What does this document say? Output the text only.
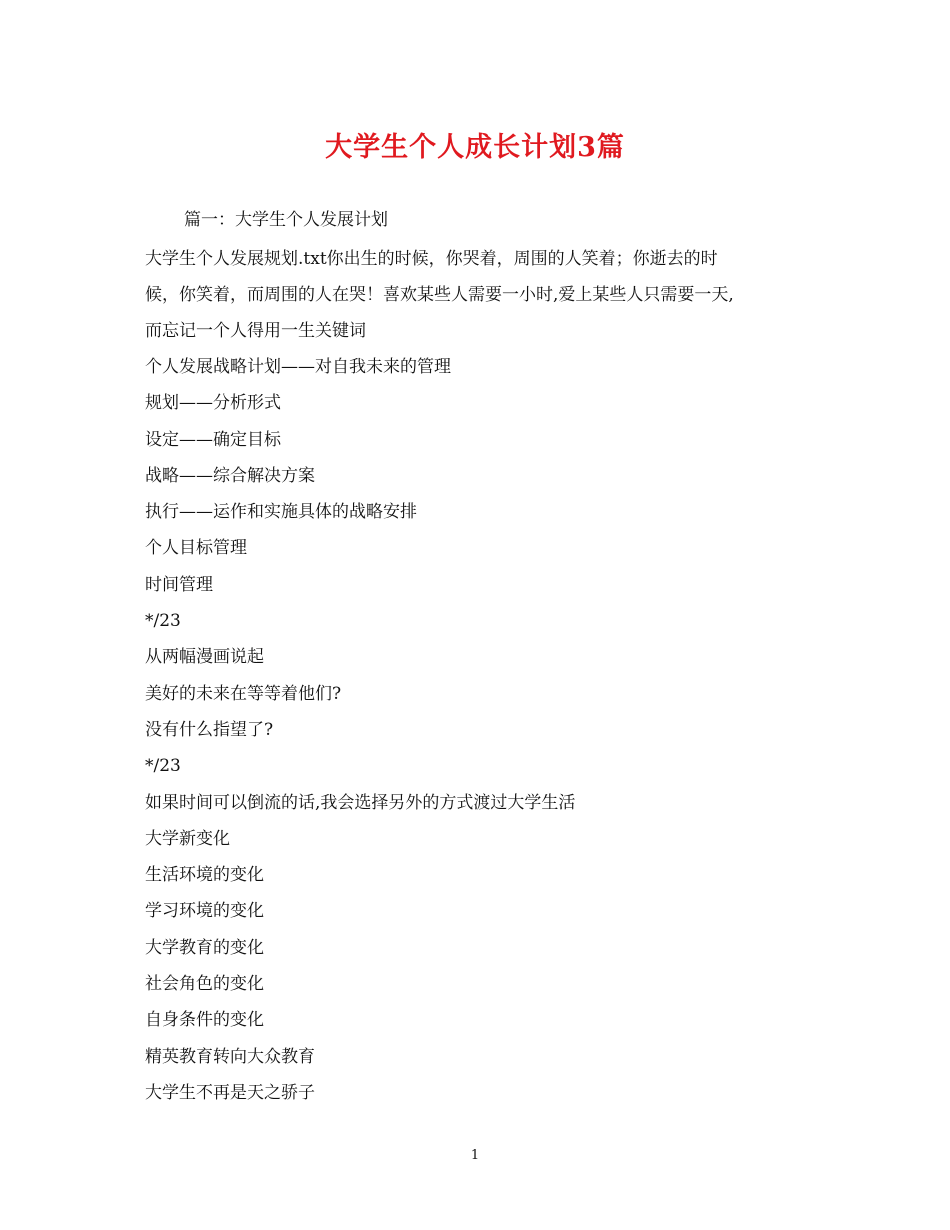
大学生个人成长计划3篇
篇一：大学生个人发展计划
大学生个人发展规划.txt你出生的时候，你哭着，周围的人笑着；你逝去的时
候，你笑着，而周围的人在哭！喜欢某些人需要一小时,爱上某些人只需要一天,
而忘记一个人得用一生关键词
个人发展战略计划——对自我未来的管理
规划——分析形式
设定——确定目标
战略——综合解决方案
执行——运作和实施具体的战略安排
个人目标管理
时间管理
*/23
从两幅漫画说起
美好的未来在等等着他们?
没有什么指望了?
*/23
如果时间可以倒流的话,我会选择另外的方式渡过大学生活
大学新变化
生活环境的变化
学习环境的变化
大学教育的变化
社会角色的变化
自身条件的变化
精英教育转向大众教育
大学生不再是天之骄子
1
